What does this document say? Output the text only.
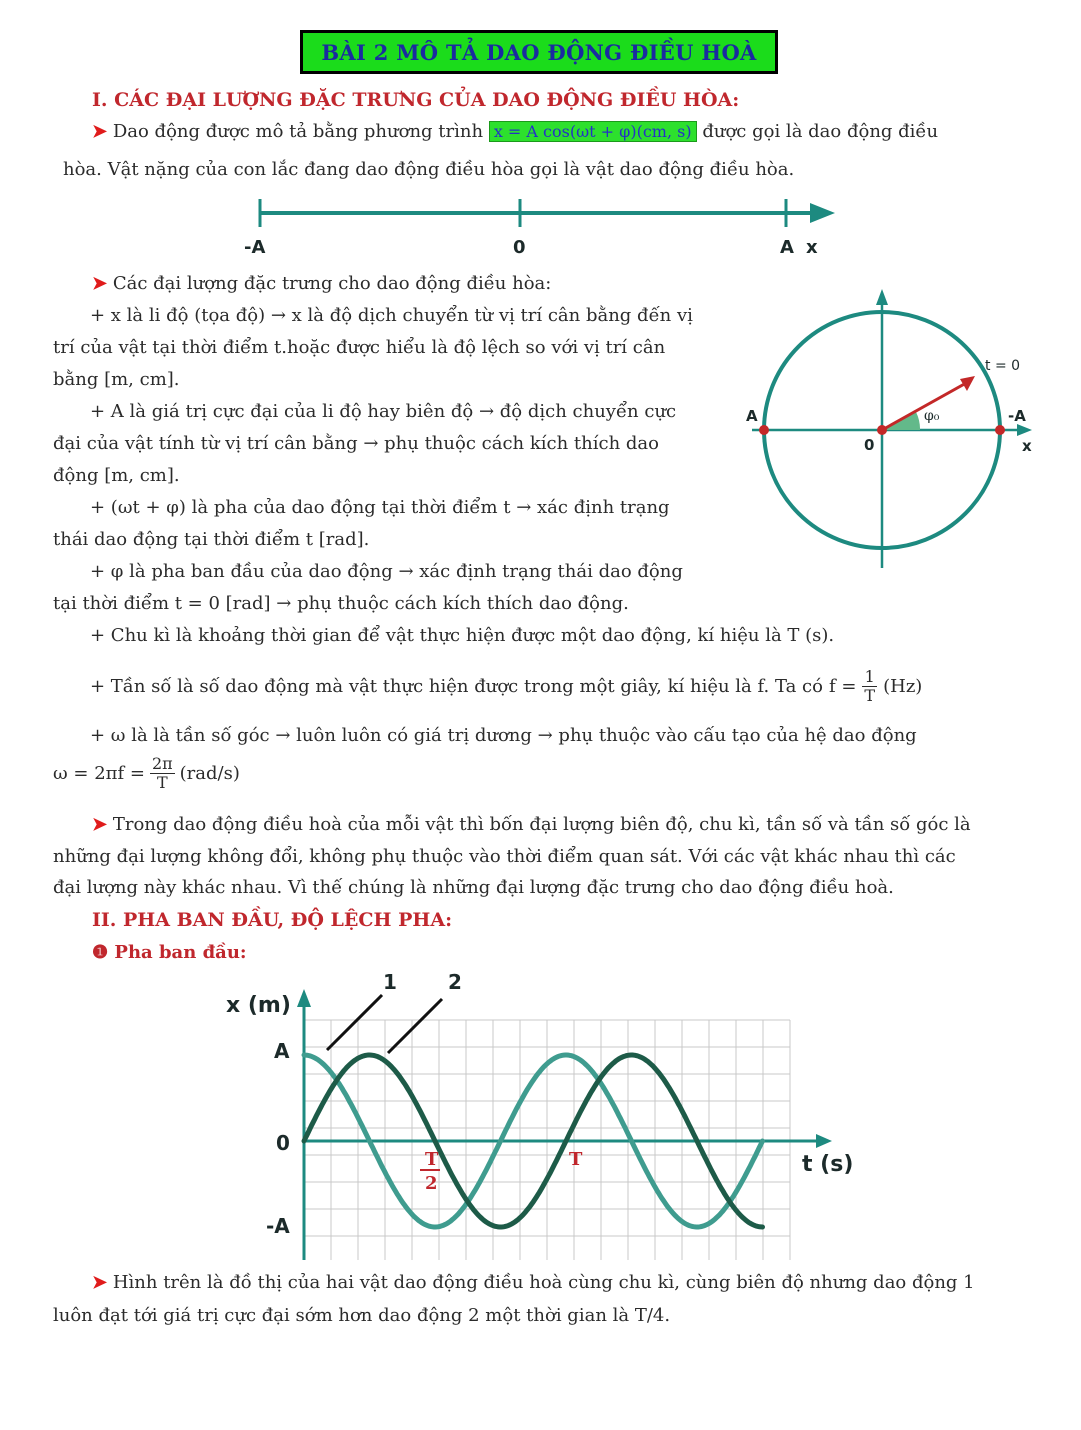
BÀI 2 MÔ TẢ DAO ĐỘNG ĐIỀU HOÀ
I. CÁC ĐẠI LƯỢNG ĐẶC TRƯNG CỦA DAO ĐỘNG ĐIỀU HÒA:
➤ Dao động được mô tả bằng phương trình x = A cos(ωt + φ)(cm, s) được gọi là dao động điều
hòa. Vật nặng của con lắc đang dao động điều hòa gọi là vật dao động điều hòa.
-A	0	A x
➤ Các đại lượng đặc trưng cho dao động điều hòa:
+ x là li độ (tọa độ) → x là độ dịch chuyển từ vị trí cân bằng đến vị
trí của vật tại thời điểm t.hoặc được hiểu là độ lệch so với vị trí cân
bằng [m, cm].
+ A là giá trị cực đại của li độ hay biên độ → độ dịch chuyển cực
đại của vật tính từ vị trí cân bằng → phụ thuộc cách kích thích dao
động [m, cm].
+ (ωt + φ) là pha của dao động tại thời điểm t → xác định trạng
thái dao động tại thời điểm t [rad].
+ φ là pha ban đầu của dao động → xác định trạng thái dao động
tại thời điểm t = 0 [rad] → phụ thuộc cách kích thích dao động.
+ Chu kì là khoảng thời gian để vật thực hiện được một dao động, kí hiệu là T (s).
+ Tần số là số dao động mà vật thực hiện được trong một giây, kí hiệu là f. Ta có $f = \frac{1}{T} (Hz)$
+ ω là là tần số góc → luôn luôn có giá trị dương → phụ thuộc vào cấu tạo của hệ dao động
$\omega = 2\pi f = \frac{2\pi}{T} (rad/s)$
➤ Trong dao động điều hoà của mỗi vật thì bốn đại lượng biên độ, chu kì, tần số và tần số góc là
những đại lượng không đổi, không phụ thuộc vào thời điểm quan sát. Với các vật khác nhau thì các
đại lượng này khác nhau. Vì thế chúng là những đại lượng đặc trưng cho dao động điều hoà.
t = 0
A	-A
0	x
φ₀
II. PHA BAN ĐẦU, ĐỘ LỆCH PHA:
❶ Pha ban đầu:
1	2
x (m)
t (s)
A
0
-A
T
2
T
➤ Hình trên là đồ thị của hai vật dao động điều hoà cùng chu kì, cùng biên độ nhưng dao động 1
luôn đạt tới giá trị cực đại sớm hơn dao động 2 một thời gian là T/4.
